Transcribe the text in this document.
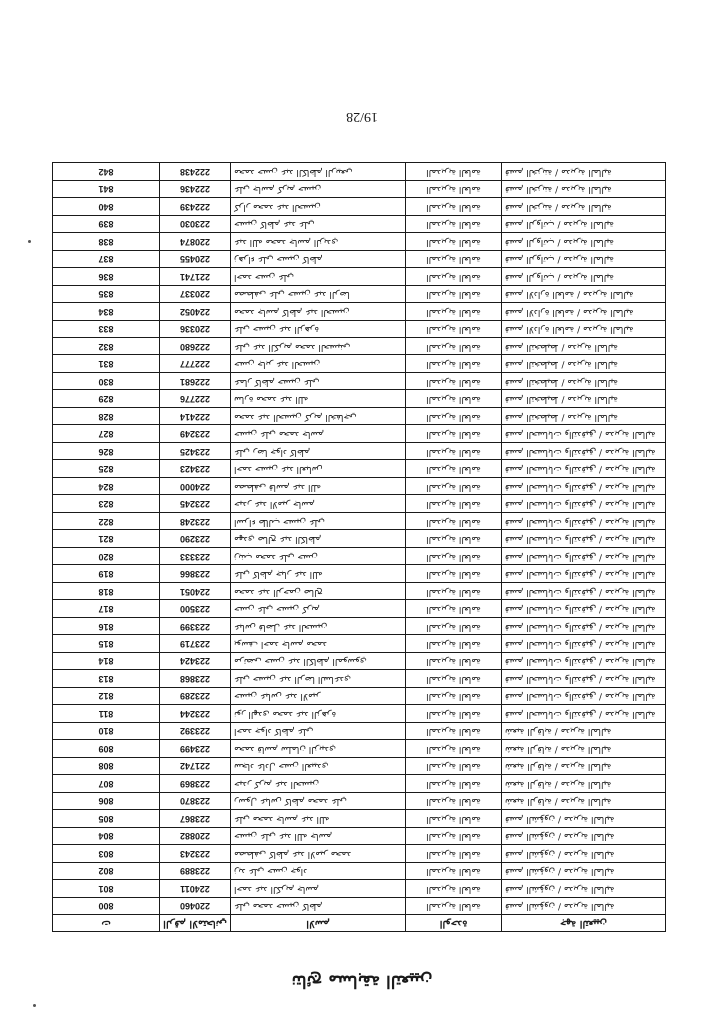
نتائج مسابقة التعيين
جهة التعيين	الوحدة	الاسم	الرقم الامتحاني	ت
قسم الشؤون / مديرية المالية	المديرية العامة	علي محمد حسين كاظم	220460	800
قسم الشؤون / مديرية المالية	المديرية العامة	احمد عبد الكريم جاسم	224011	801
قسم الشؤون / مديرية المالية	المديرية العامة	زيد علي حسن جواد	223889	802
قسم الشؤون / مديرية المالية	المديرية العامة	مصطفى كاظم عبد الامير محمد	223243	803
قسم الشؤون / مديرية المالية	المديرية العامة	حسين علي عبد الله جاسم	220882	804
قسم الشؤون / مديرية المالية	المديرية العامة	علي محمد جاسم عبد الله	223867	805
شعبة الرقابة / مديرية المالية	المديرية العامة	رسول عباس كاظم محمد علي	223870	806
شعبة الرقابة / مديرية المالية	المديرية العامة	حيدر كريم عبد الحسين	223869	807
شعبة الرقابة / مديرية المالية	المديرية العامة	سجاد عادل حسن العبيدي	221742	808
شعبة الرقابة / مديرية المالية	المديرية العامة	محمد قاسم سلمان الزبيدي	223499	809
شعبة الرقابة / مديرية المالية	المديرية العامة	احمد جواد كاظم علي	223392	810
قسم الحسابات والتدقيق / مديرية المالية	المديرية العامة	نور الهدى محمد عبد الزهرة	223244	811
قسم الحسابات والتدقيق / مديرية المالية	المديرية العامة	حسين عباس عبد الامير	223289	812
قسم الحسابات والتدقيق / مديرية المالية	المديرية العامة	علي حسين عبد الرضا الساعدي	223868	813
قسم الحسابات والتدقيق / مديرية المالية	المديرية العامة	مرتضى حسن عبد الكاظم الموسوي	223424	814
قسم الحسابات والتدقيق / مديرية المالية	المديرية العامة	يوسف احمد جاسم محمد	223719	815
قسم الحسابات والتدقيق / مديرية المالية	المديرية العامة	عباس فاضل عبد الحسين	223399	816
قسم الحسابات والتدقيق / مديرية المالية	المديرية العامة	حسن علي حسين كريم	223500	817
قسم الحسابات والتدقيق / مديرية المالية	المديرية العامة	محمد عبد الرحمن صالح	224051	818
قسم الحسابات والتدقيق / مديرية المالية	المديرية العامة	علي كاظم جبار عبد الله	223866	819
قسم الحسابات والتدقيق / مديرية المالية	المديرية العامة	زينب محمد علي حسن	223333	820
قسم الحسابات والتدقيق / مديرية المالية	المديرية العامة	مهدي صالح عبد الكاظم	223290	821
قسم الحسابات والتدقيق / مديرية المالية	المديرية العامة	اسراء طالب حسين علي	223248	822
قسم الحسابات والتدقيق / مديرية المالية	المديرية العامة	حيدر عبد الامير جاسم	223245	823
قسم الحسابات والتدقيق / مديرية المالية	المديرية العامة	مصطفى قاسم عبد الله	224000	824
قسم الحسابات والتدقيق / مديرية المالية	المديرية العامة	احمد حسين عبد العباس	223423	825
قسم الحسابات والتدقيق / مديرية المالية	المديرية العامة	علي رضا جواد كاظم	223425	826
قسم الحسابات والتدقيق / مديرية المالية	المديرية العامة	حسين علي محمد جاسم	223249	827
قسم التخطيط / مديرية المالية	المديرية العامة	محمد عبد الحسين كريم الخفاجي	222414	828
قسم التخطيط / مديرية المالية	المديرية العامة	سارة محمد عبد الله	222776	829
قسم التخطيط / مديرية المالية	المديرية العامة	عمار كاظم حسين علي	222681	830
قسم التخطيط / مديرية المالية	المديرية العامة	حسن جابر عبد الحسين	222777	831
قسم التخطيط / مديرية المالية	المديرية العامة	علي عبد الكريم محمد الحسيني	222680	832
قسم الادارة العامة / مديرية المالية	المديرية العامة	علي حسين عبد الزهرة	220336	833
قسم الادارة العامة / مديرية المالية	المديرية العامة	محمد جاسم كاظم عبد الحسين	224052	834
قسم الادارة العامة / مديرية المالية	المديرية العامة	مصطفى علي حسين عبد الرضا	220337	835
قسم الرواتب / مديرية المالية	المديرية العامة	احمد حسن علي	221741	836
قسم الرواتب / مديرية المالية	المديرية العامة	زهراء علي حسين كاظم	220455	837
قسم الرواتب / مديرية المالية	المديرية العامة	عبد الله محمد جاسم الزيدي	220874	838
قسم الرواتب / مديرية المالية	المديرية العامة	حسين كاظم عبد علي	223030	839
قسم الخزينة / مديرية المالية	المديرية العامة	كرار محمد عبد الحسين	222439	840
قسم الخزينة / مديرية المالية	المديرية العامة	علي جاسم كريم حسين	222436	841
قسم الخزينة / مديرية المالية	المديرية العامة	محمد حسن عبد الكاظم الربيعي	222438	842
19/28
